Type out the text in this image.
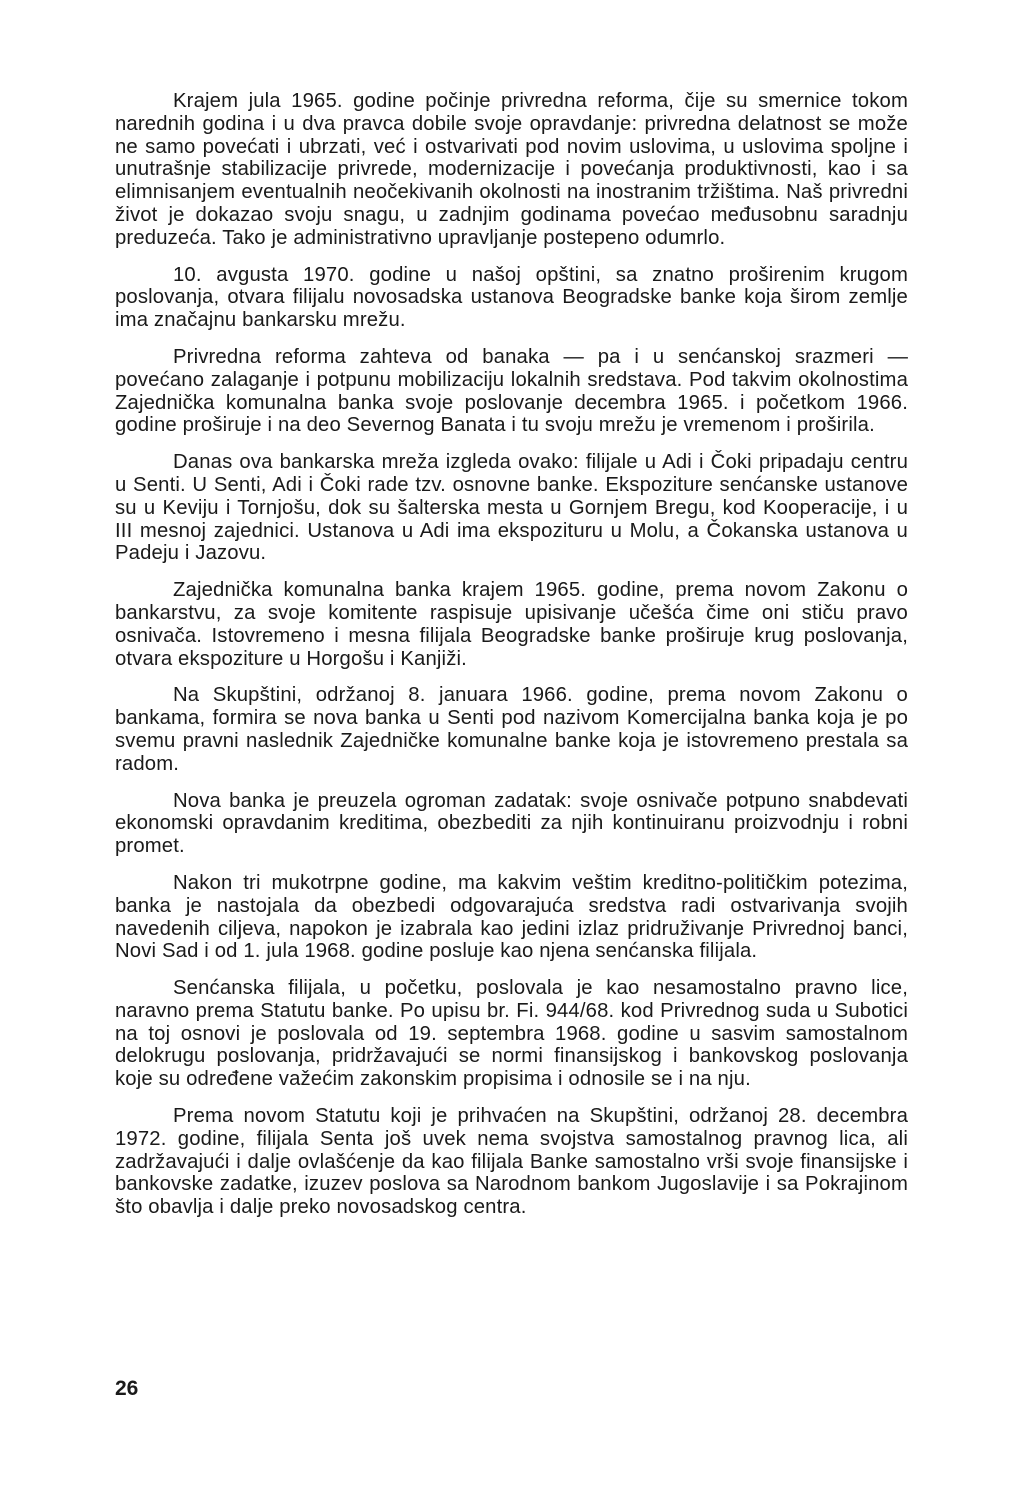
Krajem jula 1965. godine počinje privredna reforma, čije su smernice tokom narednih godina i u dva pravca dobile svoje opravdanje: privredna delatnost se može ne samo povećati i ubrzati, već i ostvarivati pod novim uslovima, u uslovima spoljne i unutrašnje stabilizacije privrede, modernizacije i povećanja produktivnosti, kao i sa elimnisanjem eventualnih neočekivanih okolnosti na inostranim tržištima. Naš privredni život je dokazao svoju snagu, u zadnjim godinama povećao međusobnu saradnju preduzeća. Tako je administrativno upravljanje postepeno odumrlo.

10. avgusta 1970. godine u našoj opštini, sa znatno proširenim krugom poslovanja, otvara filijalu novosadska ustanova Beogradske banke koja širom zemlje ima značajnu bankarsku mrežu.

Privredna reforma zahteva od banaka — pa i u senćanskoj srazmeri — povećano zalaganje i potpunu mobilizaciju lokalnih sredstava. Pod takvim okolnostima Zajednička komunalna banka svoje poslovanje decembra 1965. i početkom 1966. godine proširuje i na deo Severnog Banata i tu svoju mrežu je vremenom i proširila.

Danas ova bankarska mreža izgleda ovako: filijale u Adi i Čoki pripadaju centru u Senti. U Senti, Adi i Čoki rade tzv. osnovne banke. Ekspoziture senćanske ustanove su u Keviju i Tornjošu, dok su šalterska mesta u Gornjem Bregu, kod Kooperacije, i u III mesnoj zajednici. Ustanova u Adi ima ekspozituru u Molu, a Čokanska ustanova u Padeju i Jazovu.

Zajednička komunalna banka krajem 1965. godine, prema novom Zakonu o bankarstvu, za svoje komitente raspisuje upisivanje učešća čime oni stiču pravo osnivača. Istovremeno i mesna filijala Beogradske banke proširuje krug poslovanja, otvara ekspoziture u Horgošu i Kanjiži.

Na Skupštini, održanoj 8. januara 1966. godine, prema novom Zakonu o bankama, formira se nova banka u Senti pod nazivom Komercijalna banka koja je po svemu pravni naslednik Zajedničke komunalne banke koja je istovremeno prestala sa radom.

Nova banka je preuzela ogroman zadatak: svoje osnivače potpuno snabdevati ekonomski opravdanim kreditima, obezbediti za njih kontinuiranu proizvodnju i robni promet.

Nakon tri mukotrpne godine, ma kakvim veštim kreditno-političkim potezima, banka je nastojala da obezbedi odgovarajuća sredstva radi ostvarivanja svojih navedenih ciljeva, napokon je izabrala kao jedini izlaz pridruživanje Privrednoj banci, Novi Sad i od 1. jula 1968. godine posluje kao njena senćanska filijala.

Senćanska filijala, u početku, poslovala je kao nesamostalno pravno lice, naravno prema Statutu banke. Po upisu br. Fi. 944/68. kod Privrednog suda u Subotici na toj osnovi je poslovala od 19. septembra 1968. godine u sasvim samostalnom delokrugu poslovanja, pridržavajući se normi finansijskog i bankovskog poslovanja koje su određene važećim zakonskim propisima i odnosile se i na nju.

Prema novom Statutu koji je prihvaćen na Skupštini, održanoj 28. decembra 1972. godine, filijala Senta još uvek nema svojstva samostalnog pravnog lica, ali zadržavajući i dalje ovlašćenje da kao filijala Banke samostalno vrši svoje finansijske i bankovske zadatke, izuzev poslova sa Narodnom bankom Jugoslavije i sa Pokrajinom što obavlja i dalje preko novosadskog centra.

26
